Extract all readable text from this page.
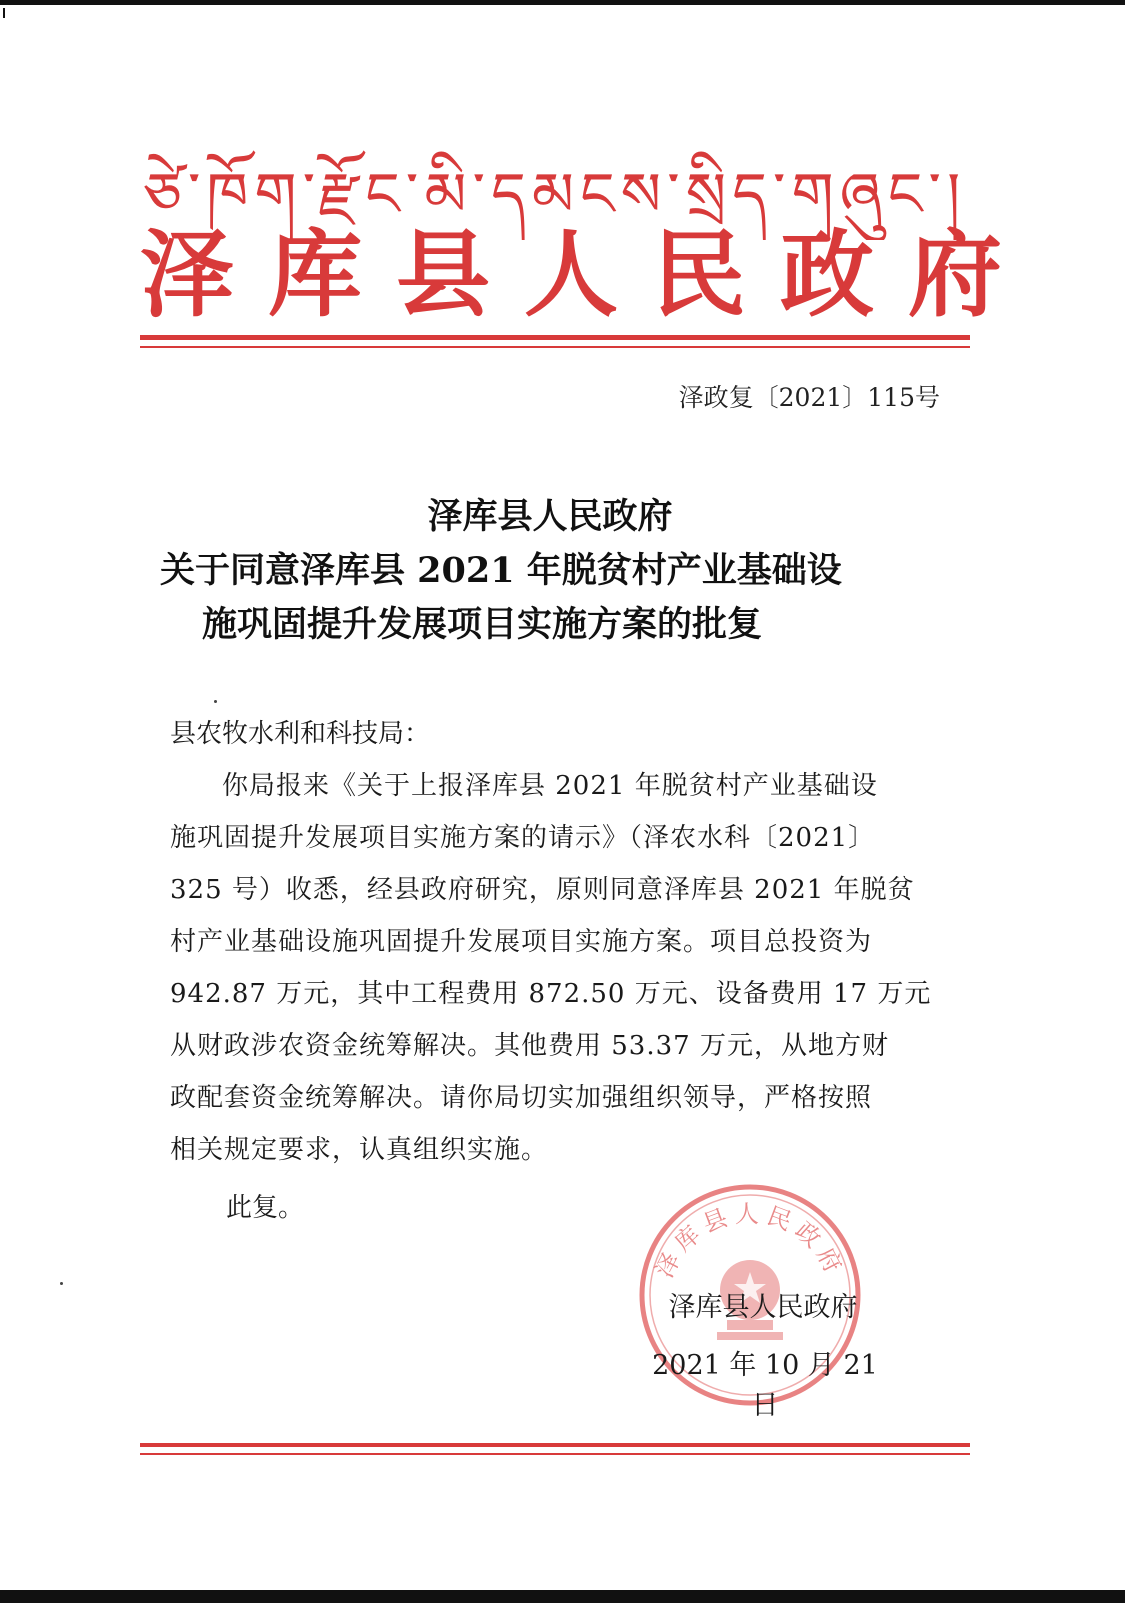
ཙེ་ཁོག་རྫོང་མི་དམངས་སྲིད་གཞུང་།
泽库县人民政府
泽政复〔2021〕115号
泽库县人民政府
关于同意泽库县 2021 年脱贫村产业基础设
施巩固提升发展项目实施方案的批复
县农牧水利和科技局：
你局报来《关于上报泽库县 2021 年脱贫村产业基础设
施巩固提升发展项目实施方案的请示》（泽农水科〔2021〕
325 号）收悉，经县政府研究，原则同意泽库县 2021 年脱贫
村产业基础设施巩固提升发展项目实施方案。项目总投资为
942.87 万元，其中工程费用 872.50 万元、设备费用 17 万元
从财政涉农资金统筹解决。其他费用 53.37 万元，从地方财
政配套资金统筹解决。请你局切实加强组织领导，严格按照
相关规定要求，认真组织实施。
此复。
泽库县人民政府
泽库县人民政府
2021 年 10 月 21 日
